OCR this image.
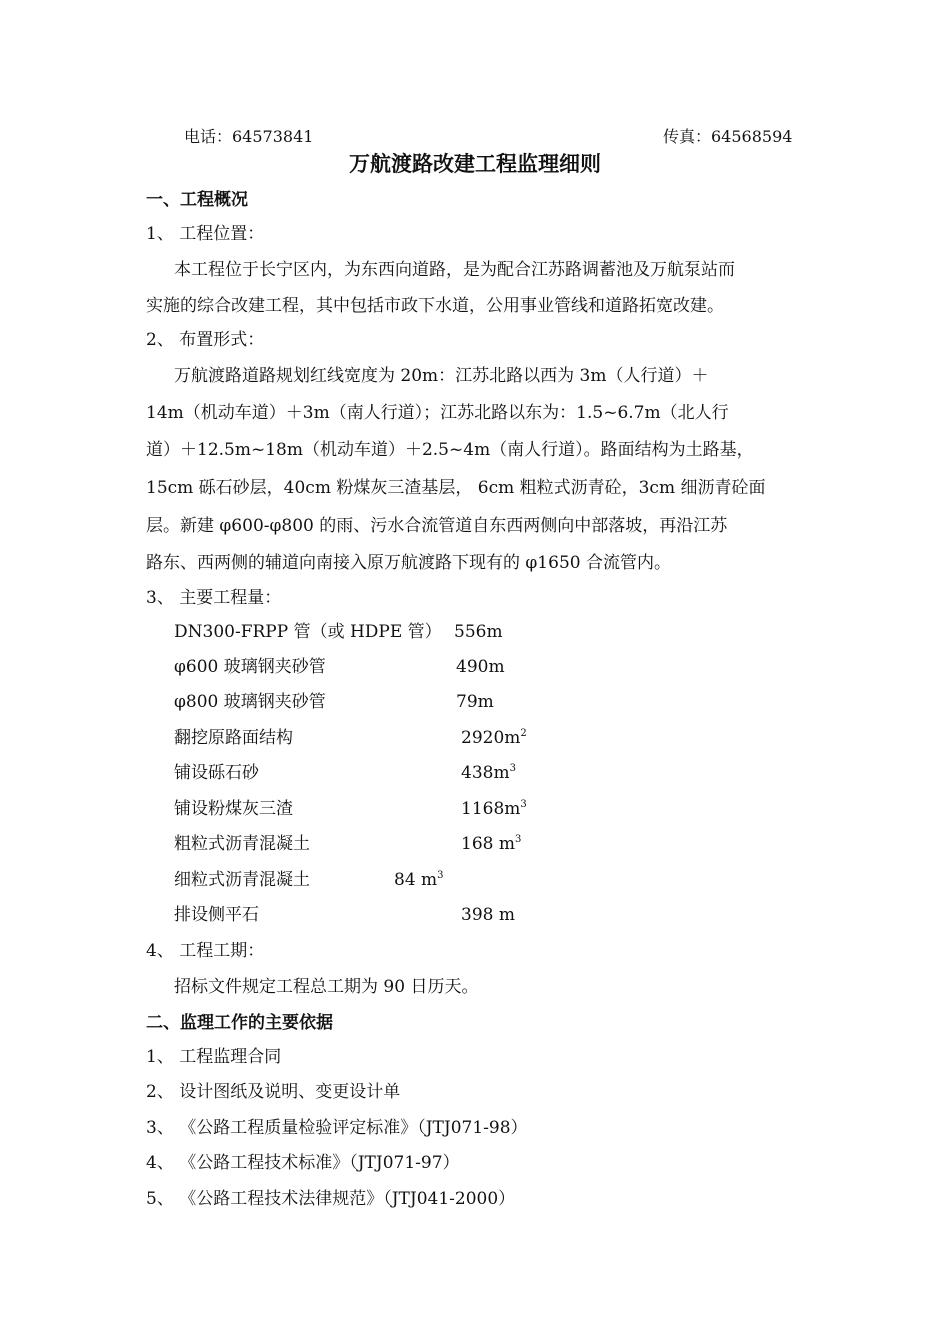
电话：64573841	传真：64568594
万航渡路改建工程监理细则
一、工程概况
1、 工程位置：
本工程位于长宁区内，为东西向道路，是为配合江苏路调蓄池及万航泵站而
实施的综合改建工程，其中包括市政下水道，公用事业管线和道路拓宽改建。
2、 布置形式：
万航渡路道路规划红线宽度为 20m：江苏北路以西为 3m（人行道）＋
14m（机动车道）＋3m（南人行道）；江苏北路以东为：1.5~6.7m（北人行
道）＋12.5m~18m（机动车道）＋2.5~4m（南人行道）。路面结构为土路基，
15cm 砾石砂层，40cm 粉煤灰三渣基层， 6cm 粗粒式沥青砼，3cm 细沥青砼面
层。新建 φ600-φ800 的雨、污水合流管道自东西两侧向中部落坡，再沿江苏
路东、西两侧的辅道向南接入原万航渡路下现有的 φ1650 合流管内。
3、 主要工程量：
DN300-FRPP 管（或 HDPE 管） 556m
φ600 玻璃钢夹砂管	490m
φ800 玻璃钢夹砂管	79m
翻挖原路面结构	$2920m^2$
铺设砾石砂	$438m^3$
铺设粉煤灰三渣	$1168m^3$
粗粒式沥青混凝土	168 $m^3$
细粒式沥青混凝土	84 $m^3$
排设侧平石	398 m
4、 工程工期：
招标文件规定工程总工期为 90 日历天。
二、监理工作的主要依据
1、 工程监理合同
2、 设计图纸及说明、变更设计单
3、 《公路工程质量检验评定标准》（JTJ071-98）
4、 《公路工程技术标准》（JTJ071-97）
5、 《公路工程技术法律规范》（JTJ041-2000）
